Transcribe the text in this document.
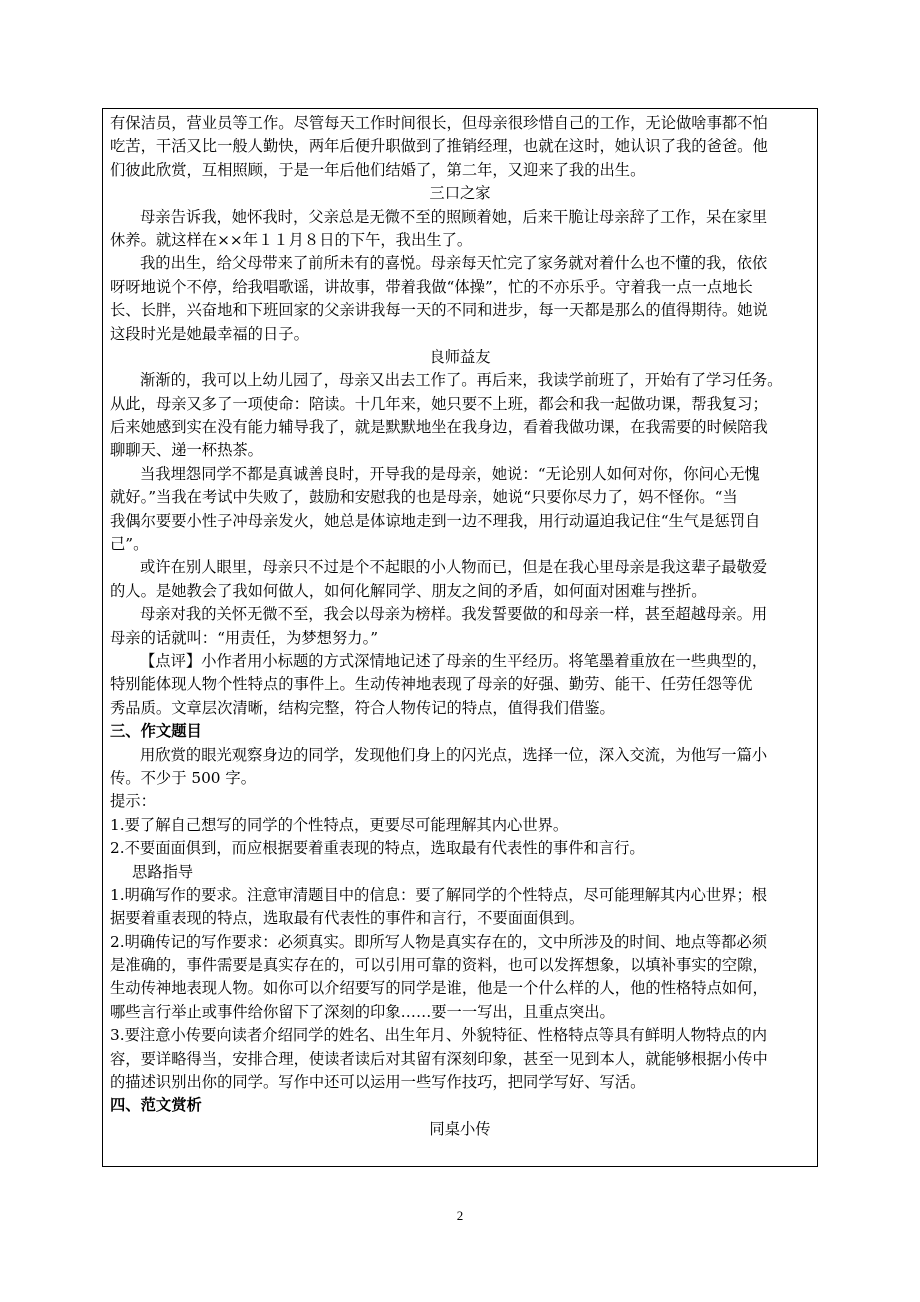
有保洁员，营业员等工作。尽管每天工作时间很长，但母亲很珍惜自己的工作，无论做啥事都不怕
吃苦，干活又比一般人勤快，两年后便升职做到了推销经理，也就在这时，她认识了我的爸爸。他
们彼此欣赏，互相照顾，于是一年后他们结婚了，第二年，又迎来了我的出生。
三口之家
母亲告诉我，她怀我时，父亲总是无微不至的照顾着她，后来干脆让母亲辞了工作，呆在家里
休养。就这样在××年１１月８日的下午，我出生了。
我的出生，给父母带来了前所未有的喜悦。母亲每天忙完了家务就对着什么也不懂的我，依依
呀呀地说个不停，给我唱歌谣，讲故事，带着我做“体操”，忙的不亦乐乎。守着我一点一点地长
长、长胖，兴奋地和下班回家的父亲讲我每一天的不同和进步，每一天都是那么的值得期待。她说
这段时光是她最幸福的日子。
良师益友
渐渐的，我可以上幼儿园了，母亲又出去工作了。再后来，我读学前班了，开始有了学习任务。
从此，母亲又多了一项使命：陪读。十几年来，她只要不上班，都会和我一起做功课，帮我复习；
后来她感到实在没有能力辅导我了，就是默默地坐在我身边，看着我做功课，在我需要的时候陪我
聊聊天、递一杯热茶。
当我埋怨同学不都是真诚善良时，开导我的是母亲，她说：“无论别人如何对你，你问心无愧
就好。”当我在考试中失败了，鼓励和安慰我的也是母亲，她说“只要你尽力了，妈不怪你。“当
我偶尔要要小性子冲母亲发火，她总是体谅地走到一边不理我，用行动逼迫我记住“生气是惩罚自
己”。
或许在别人眼里，母亲只不过是个不起眼的小人物而已，但是在我心里母亲是我这辈子最敬爱
的人。是她教会了我如何做人，如何化解同学、朋友之间的矛盾，如何面对困难与挫折。
母亲对我的关怀无微不至，我会以母亲为榜样。我发誓要做的和母亲一样，甚至超越母亲。用
母亲的话就叫：“用责任，为梦想努力。”
【点评】小作者用小标题的方式深情地记述了母亲的生平经历。将笔墨着重放在一些典型的，
特别能体现人物个性特点的事件上。生动传神地表现了母亲的好强、勤劳、能干、任劳任怨等优
秀品质。文章层次清晰，结构完整，符合人物传记的特点，值得我们借鉴。
三、作文题目
用欣赏的眼光观察身边的同学，发现他们身上的闪光点，选择一位，深入交流，为他写一篇小
传。不少于 500 字。
提示：
1.要了解自己想写的同学的个性特点，更要尽可能理解其内心世界。
2.不要面面俱到，而应根据要着重表现的特点，选取最有代表性的事件和言行。
思路指导
1.明确写作的要求。注意审清题目中的信息：要了解同学的个性特点，尽可能理解其内心世界；根
据要着重表现的特点，选取最有代表性的事件和言行，不要面面俱到。
2.明确传记的写作要求：必须真实。即所写人物是真实存在的，文中所涉及的时间、地点等都必须
是准确的，事件需要是真实存在的，可以引用可靠的资料，也可以发挥想象，以填补事实的空隙，
生动传神地表现人物。如你可以介绍要写的同学是谁，他是一个什么样的人，他的性格特点如何，
哪些言行举止或事件给你留下了深刻的印象……要一一写出，且重点突出。
3.要注意小传要向读者介绍同学的姓名、出生年月、外貌特征、性格特点等具有鲜明人物特点的内
容，要详略得当，安排合理，使读者读后对其留有深刻印象，甚至一见到本人，就能够根据小传中
的描述识别出你的同学。写作中还可以运用一些写作技巧，把同学写好、写活。
四、范文赏析
同桌小传
2
